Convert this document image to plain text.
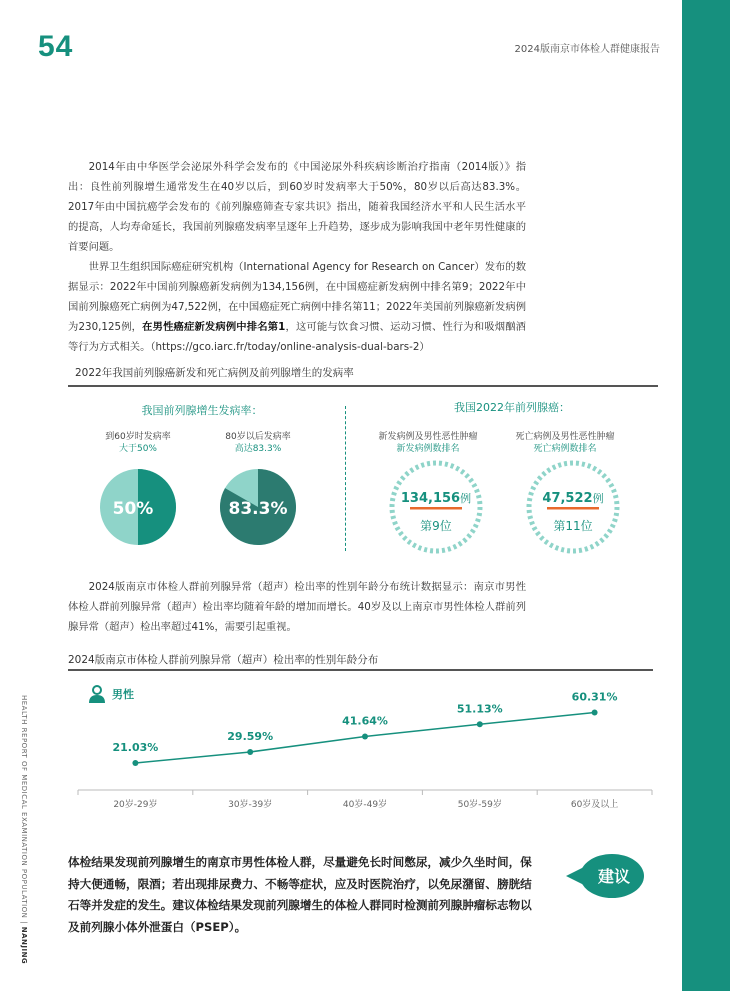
54	2024版南京市体检人群健康报告
HEALTH REPORT OF MEDICAL EXAMINATION POPULATION | NANJING

2014年由中华医学会泌尿外科学会发布的《中国泌尿外科疾病诊断治疗指南（2014版）》指出：良性前列腺增生通常发生在40岁以后，到60岁时发病率大于50%，80岁以后高达83.3%。2017年由中国抗癌学会发布的《前列腺癌筛查专家共识》指出，随着我国经济水平和人民生活水平的提高，人均寿命延长，我国前列腺癌发病率呈逐年上升趋势，逐步成为影响我国中老年男性健康的首要问题。

世界卫生组织国际癌症研究机构（International Agency for Research on Cancer）发布的数据显示：2022年中国前列腺癌新发病例为134,156例，在中国癌症新发病例中排名第9；2022年中国前列腺癌死亡病例为47,522例，在中国癌症死亡病例中排名第11；2022年美国前列腺癌新发病例为230,125例，在男性癌症新发病例中排名第1，这可能与饮食习惯、运动习惯、性行为和吸烟酗酒等行为方式相关。（https://gco.iarc.fr/today/online-analysis-dual-bars-2）

2022年我国前列腺癌新发和死亡病例及前列腺增生的发病率
我国前列腺增生发病率：	我国2022年前列腺癌：
到60岁时发病率
大于50%
80岁以后发病率
高达83.3%
新发病例及男性恶性肿瘤
新发病例数排名
死亡病例及男性恶性肿瘤
死亡病例数排名
50%	83.3%
134,156例
第9位
47,522例
第11位

2024版南京市体检人群前列腺异常（超声）检出率的性别年龄分布统计数据显示：南京市男性体检人群前列腺异常（超声）检出率均随着年龄的增加而增长。40岁及以上南京市男性体检人群前列腺异常（超声）检出率超过41%，需要引起重视。

2024版南京市体检人群前列腺异常（超声）检出率的性别年龄分布
男性
20岁-29岁	30岁-39岁	40岁-49岁	50岁-59岁	60岁及以上
21.03%
29.59%
41.64%
51.13%
60.31%
体检结果发现前列腺增生的南京市男性体检人群，尽量避免长时间憋尿，减少久坐时间，保持大便通畅，限酒；若出现排尿费力、不畅等症状，应及时医院治疗，以免尿潴留、膀胱结石等并发症的发生。建议体检结果发现前列腺增生的体检人群同时检测前列腺肿瘤标志物以及前列腺小体外泄蛋白（PSEP）。
建议
